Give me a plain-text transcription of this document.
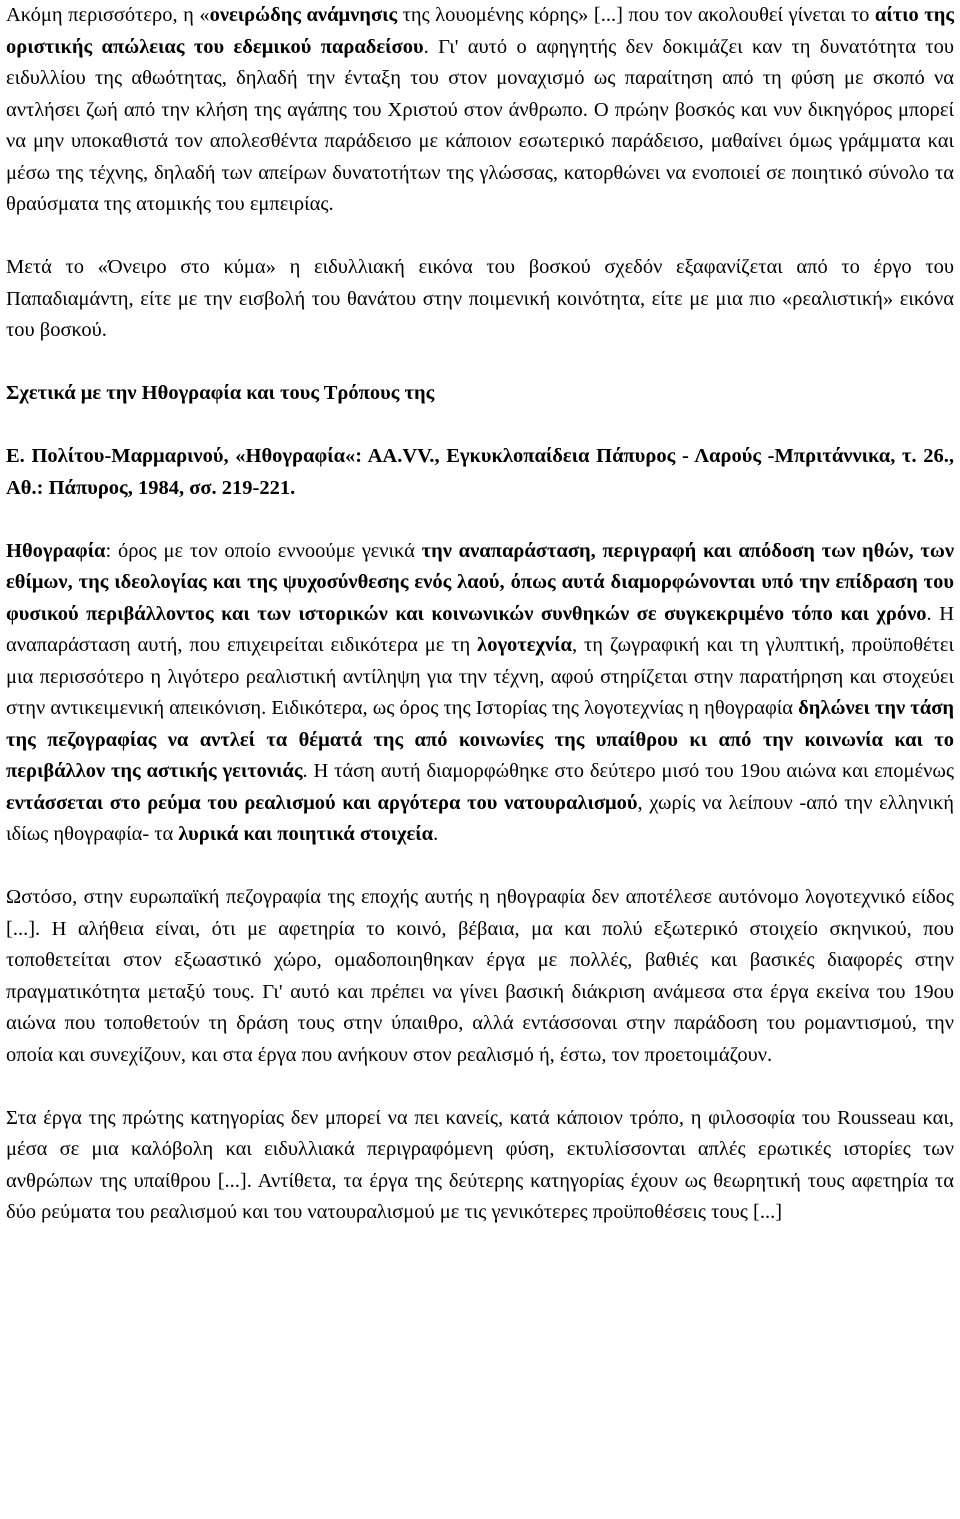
Ακόμη περισσότερο, η «ονειρώδης ανάμνησις της λουομένης κόρης» [...] που τον ακολουθεί γίνεται το αίτιο της οριστικής απώλειας του εδεμικού παραδείσου. Γι' αυτό ο αφηγητής δεν δοκιμάζει καν τη δυνατότητα του ειδυλλίου της αθωότητας, δηλαδή την ένταξη του στον μοναχισμό ως παραίτηση από τη φύση με σκοπό να αντλήσει ζωή από την κλήση της αγάπης του Χριστού στον άνθρωπο. Ο πρώην βοσκός και νυν δικηγόρος μπορεί να μην υποκαθιστά τον απολεσθέντα παράδεισο με κάποιον εσωτερικό παράδεισο, μαθαίνει όμως γράμματα και μέσω της τέχνης, δηλαδή των απείρων δυνατοτήτων της γλώσσας, κατορθώνει να ενοποιεί σε ποιητικό σύνολο τα θραύσματα της ατομικής του εμπειρίας.

Μετά το «Όνειρο στο κύμα» η ειδυλλιακή εικόνα του βοσκού σχεδόν εξαφανίζεται από το έργο του Παπαδιαμάντη, είτε με την εισβολή του θανάτου στην ποιμενική κοινότητα, είτε με μια πιο «ρεαλιστική» εικόνα του βοσκού.

Σχετικά με την Ηθογραφία και τους Τρόπους της

Ε. Πολίτου-Μαρμαρινού, «Ηθογραφία«: ΑΑ.VV., Εγκυκλοπαίδεια Πάπυρος - Λαρούς -Μπριτάννικα, τ. 26., Αθ.: Πάπυρος, 1984, σσ. 219-221.

Ηθογραφία: όρος με τον οποίο εννοούμε γενικά την αναπαράσταση, περιγραφή και απόδοση των ηθών, των εθίμων, της ιδεολογίας και της ψυχοσύνθεσης ενός λαού, όπως αυτά διαμορφώνονται υπό την επίδραση του φυσικού περιβάλλοντος και των ιστορικών και κοινωνικών συνθηκών σε συγκεκριμένο τόπο και χρόνο. Η αναπαράσταση αυτή, που επιχειρείται ειδικότερα με τη λογοτεχνία, τη ζωγραφική και τη γλυπτική, προϋποθέτει μια περισσότερο η λιγότερο ρεαλιστική αντίληψη για την τέχνη, αφού στηρίζεται στην παρατήρηση και στοχεύει στην αντικειμενική απεικόνιση. Ειδικότερα, ως όρος της Ιστορίας της λογοτεχνίας η ηθογραφία δηλώνει την τάση της πεζογραφίας να αντλεί τα θέματά της από κοινωνίες της υπαίθρου κι από την κοινωνία και το περιβάλλον της αστικής γειτονιάς. Η τάση αυτή διαμορφώθηκε στο δεύτερο μισό του 19ου αιώνα και επομένως εντάσσεται στο ρεύμα του ρεαλισμού και αργότερα του νατουραλισμού, χωρίς να λείπουν -από την ελληνική ιδίως ηθογραφία- τα λυρικά και ποιητικά στοιχεία.

Ωστόσο, στην ευρωπαϊκή πεζογραφία της εποχής αυτής η ηθογραφία δεν αποτέλεσε αυτόνομο λογοτεχνικό είδος [...]. Η αλήθεια είναι, ότι με αφετηρία το κοινό, βέβαια, μα και πολύ εξωτερικό στοιχείο σκηνικού, που τοποθετείται στον εξωαστικό χώρο, ομαδοποιηθηκαν έργα με πολλές, βαθιές και βασικές διαφορές στην πραγματικότητα μεταξύ τους. Γι' αυτό και πρέπει να γίνει βασική διάκριση ανάμεσα στα έργα εκείνα του 19ου αιώνα που τοποθετούν τη δράση τους στην ύπαιθρο, αλλά εντάσσοναι στην παράδοση του ρομαντισμού, την οποία και συνεχίζουν, και στα έργα που ανήκουν στον ρεαλισμό ή, έστω, τον προετοιμάζουν.

Στα έργα της πρώτης κατηγορίας δεν μπορεί να πει κανείς, κατά κάποιον τρόπο, η φιλοσοφία του Rousseau και, μέσα σε μια καλόβολη και ειδυλλιακά περιγραφόμενη φύση, εκτυλίσσονται απλές ερωτικές ιστορίες των ανθρώπων της υπαίθρου [...]. Αντίθετα, τα έργα της δεύτερης κατηγορίας έχουν ως θεωρητική τους αφετηρία τα δύο ρεύματα του ρεαλισμού και του νατουραλισμού με τις γενικότερες προϋποθέσεις τους [...]
